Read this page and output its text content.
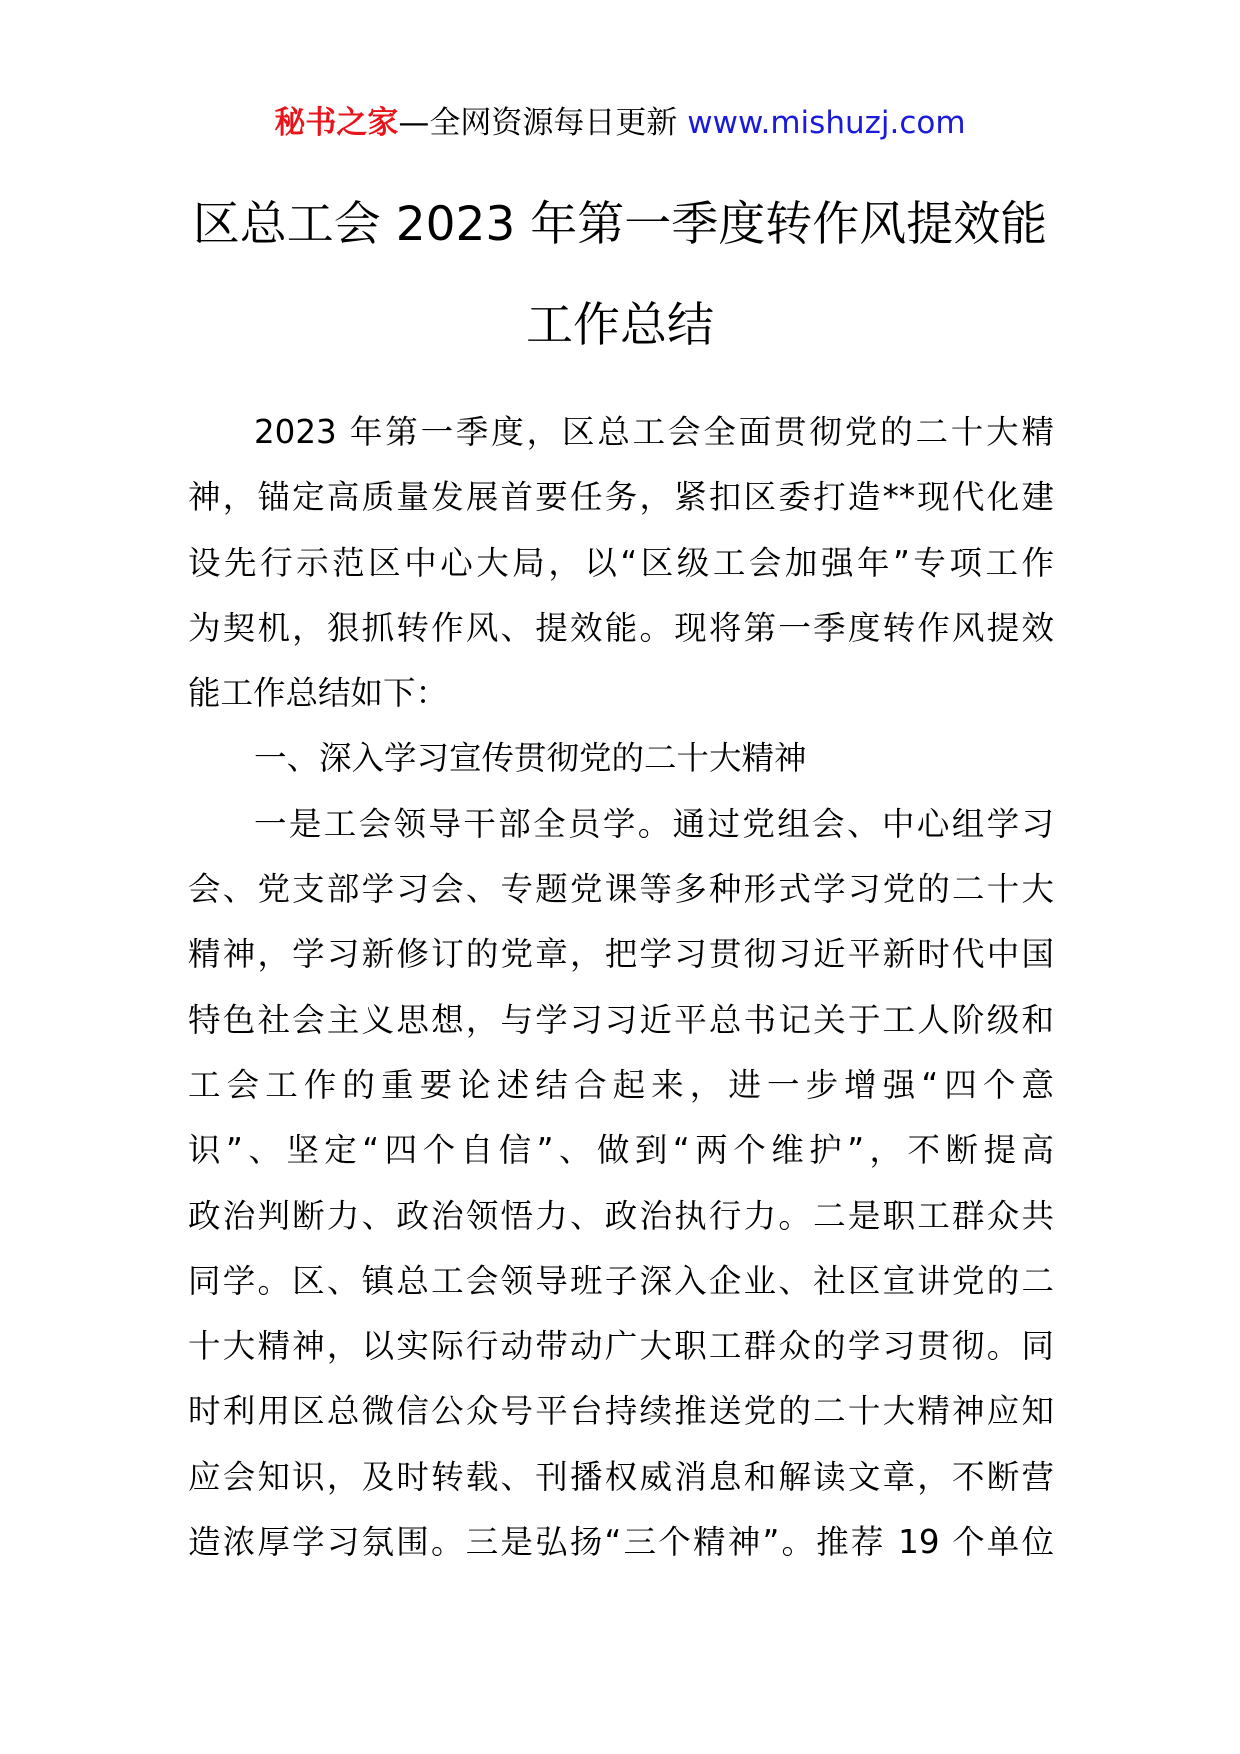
秘书之家—全网资源每日更新 www.mishuzj.com
区总工会 2023 年第一季度转作风提效能
工作总结
2023 年第一季度，区总工会全面贯彻党的二十大精
神，锚定高质量发展首要任务，紧扣区委打造**现代化建
设先行示范区中心大局，以“区级工会加强年”专项工作
为契机，狠抓转作风、提效能。现将第一季度转作风提效
能工作总结如下：
一、深入学习宣传贯彻党的二十大精神
一是工会领导干部全员学。通过党组会、中心组学习
会、党支部学习会、专题党课等多种形式学习党的二十大
精神，学习新修订的党章，把学习贯彻习近平新时代中国
特色社会主义思想，与学习习近平总书记关于工人阶级和
工会工作的重要论述结合起来，进一步增强“四个意
识”、坚定“四个自信”、做到“两个维护”，不断提高
政治判断力、政治领悟力、政治执行力。二是职工群众共
同学。区、镇总工会领导班子深入企业、社区宣讲党的二
十大精神，以实际行动带动广大职工群众的学习贯彻。同
时利用区总微信公众号平台持续推送党的二十大精神应知
应会知识，及时转载、刊播权威消息和解读文章，不断营
造浓厚学习氛围。三是弘扬“三个精神”。推荐 19 个单位
